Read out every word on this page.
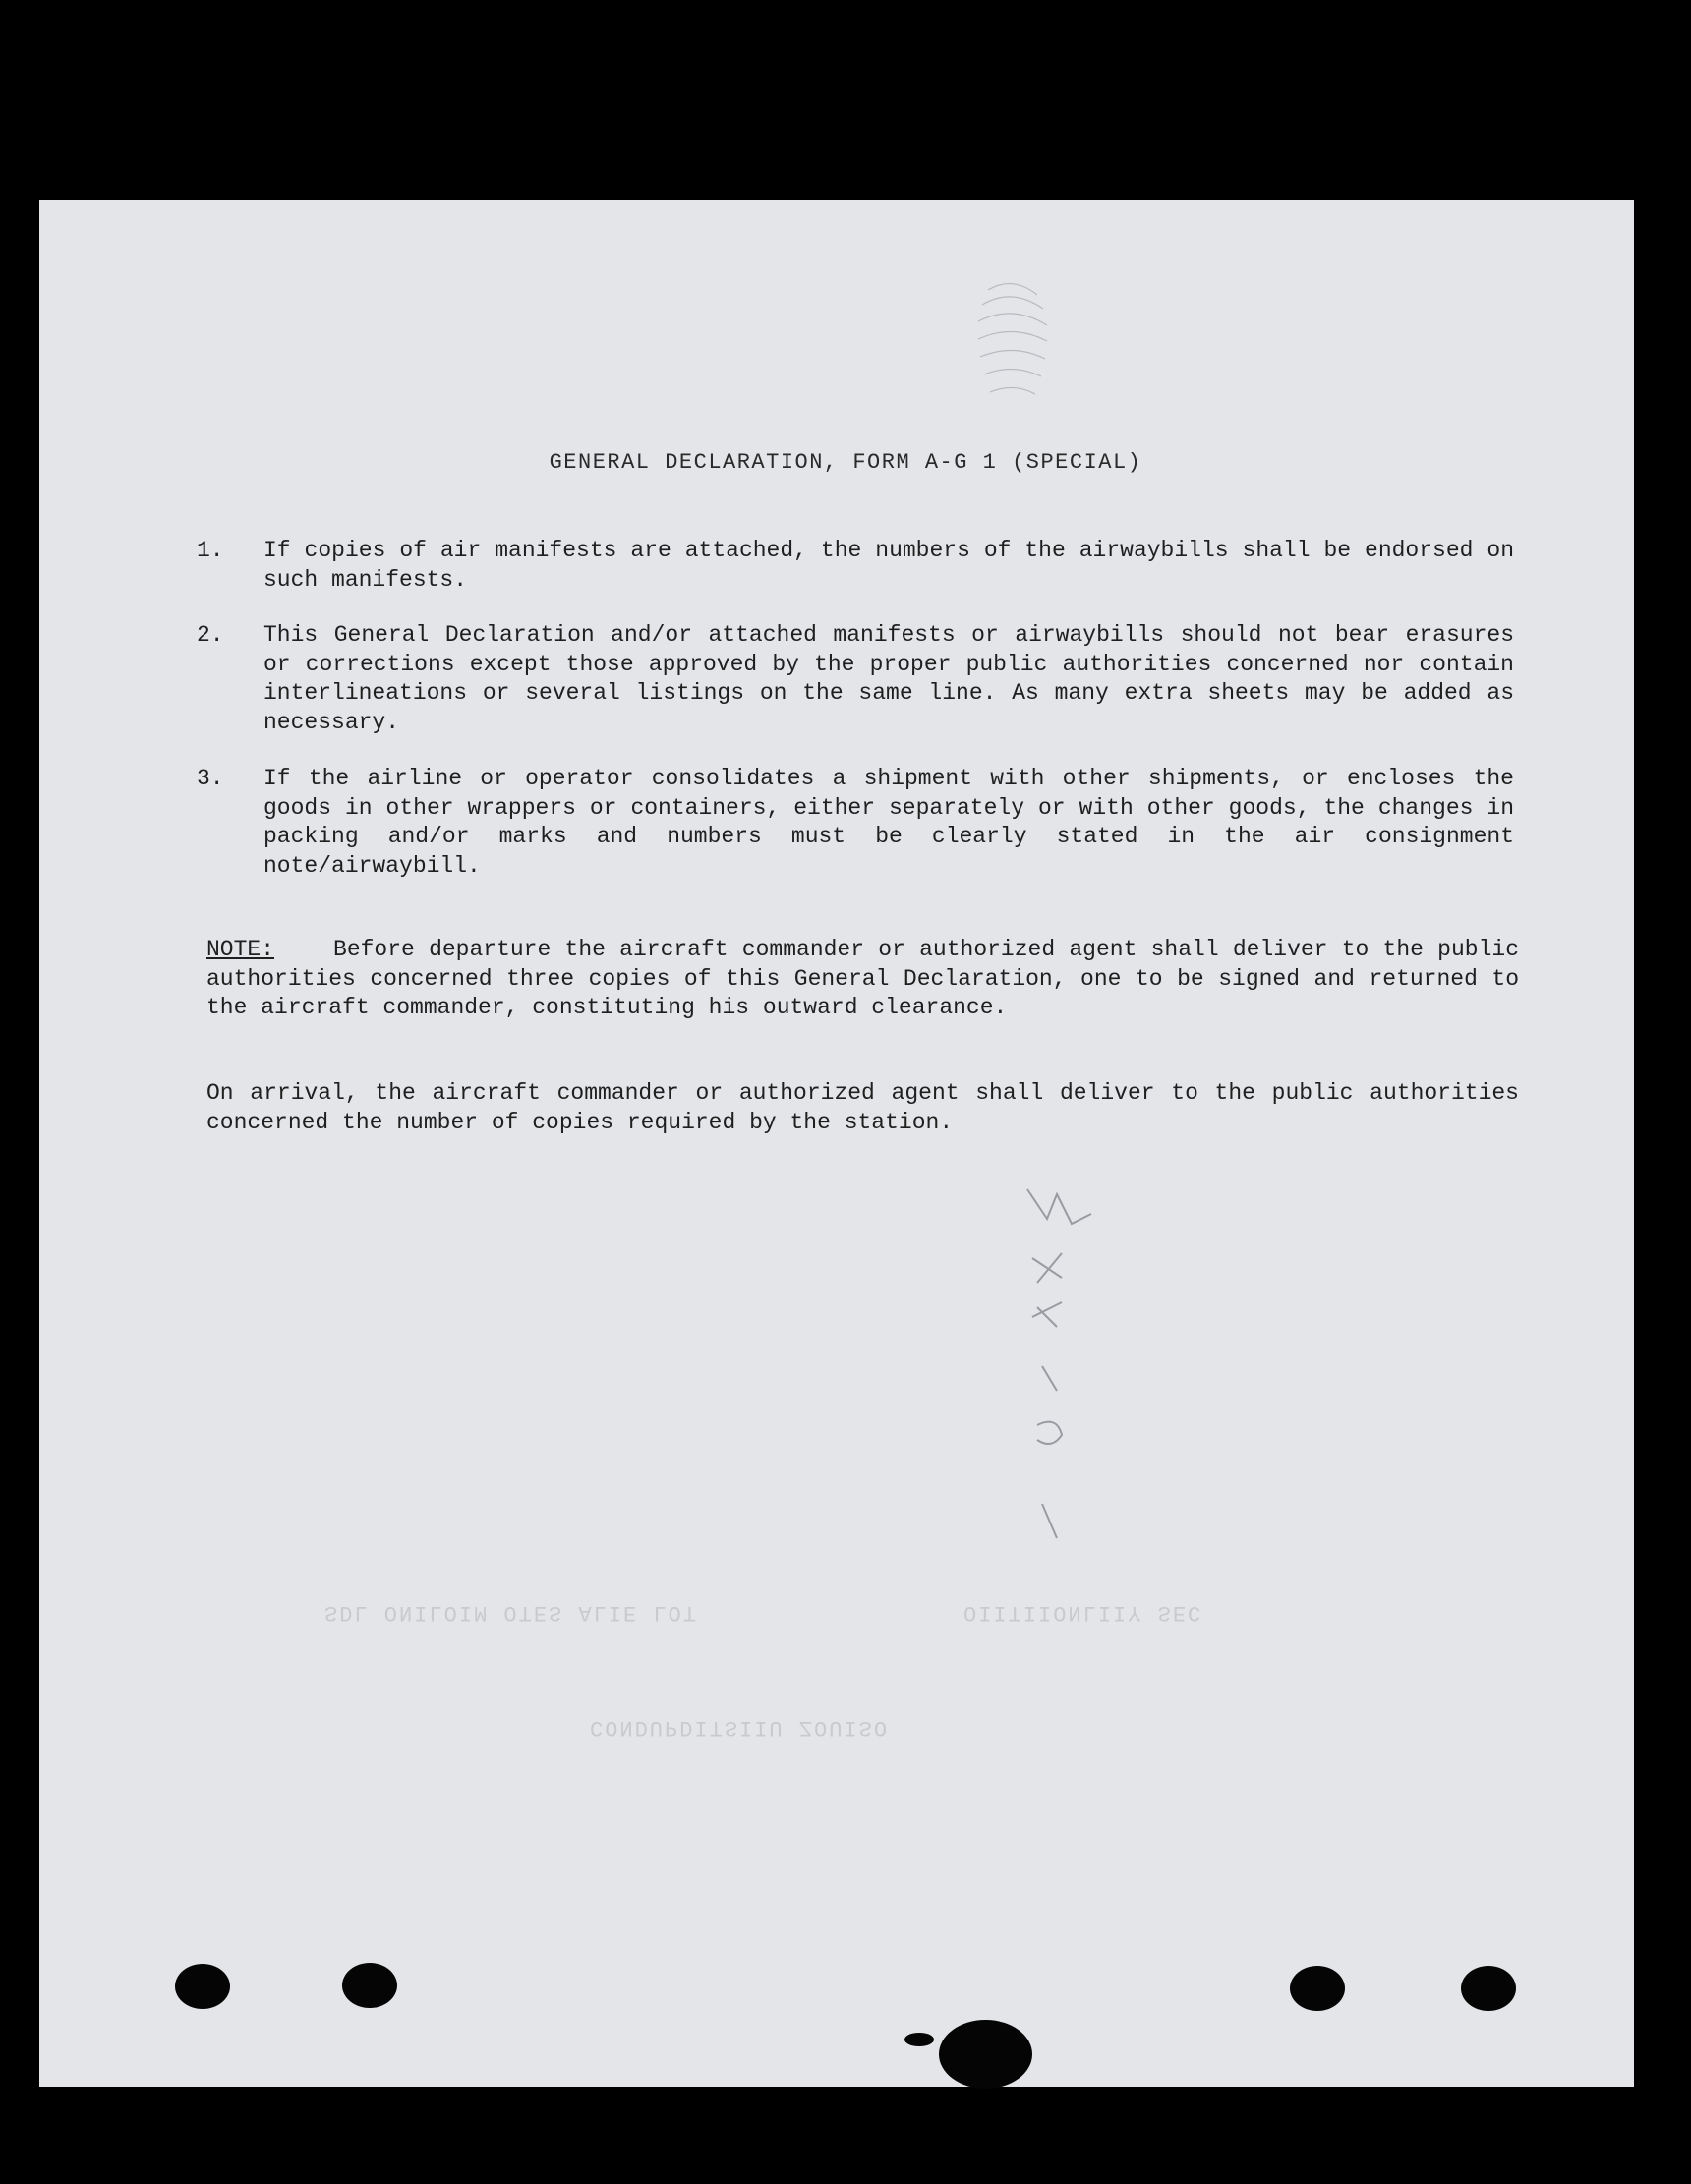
SDL ONILOIM OTES ALIE LOT	OIITIIONLIIY SEC
CONDUPDITSIIU ZOUISO
GENERAL DECLARATION, FORM A-G 1 (SPECIAL)
1.	If copies of air manifests are attached, the numbers of the airwaybills shall be endorsed on such manifests.
2.	This General Declaration and/or attached manifests or airwaybills should not bear erasures or corrections except those approved by the proper public authorities concerned nor contain interlineations or several listings on the same line. As many extra sheets may be added as necessary.
3.	If the airline or operator consolidates a shipment with other shipments, or encloses the goods in other wrappers or containers, either separately or with other goods, the changes in packing and/or marks and numbers must be clearly stated in the air consignment note/airwaybill.
NOTE:	Before departure the aircraft commander or authorized agent shall deliver to the public authorities concerned three copies of this General Declaration, one to be signed and returned to the aircraft commander, constituting his outward clearance.
On arrival, the aircraft commander or authorized agent shall deliver to the public authorities concerned the number of copies required by the station.
